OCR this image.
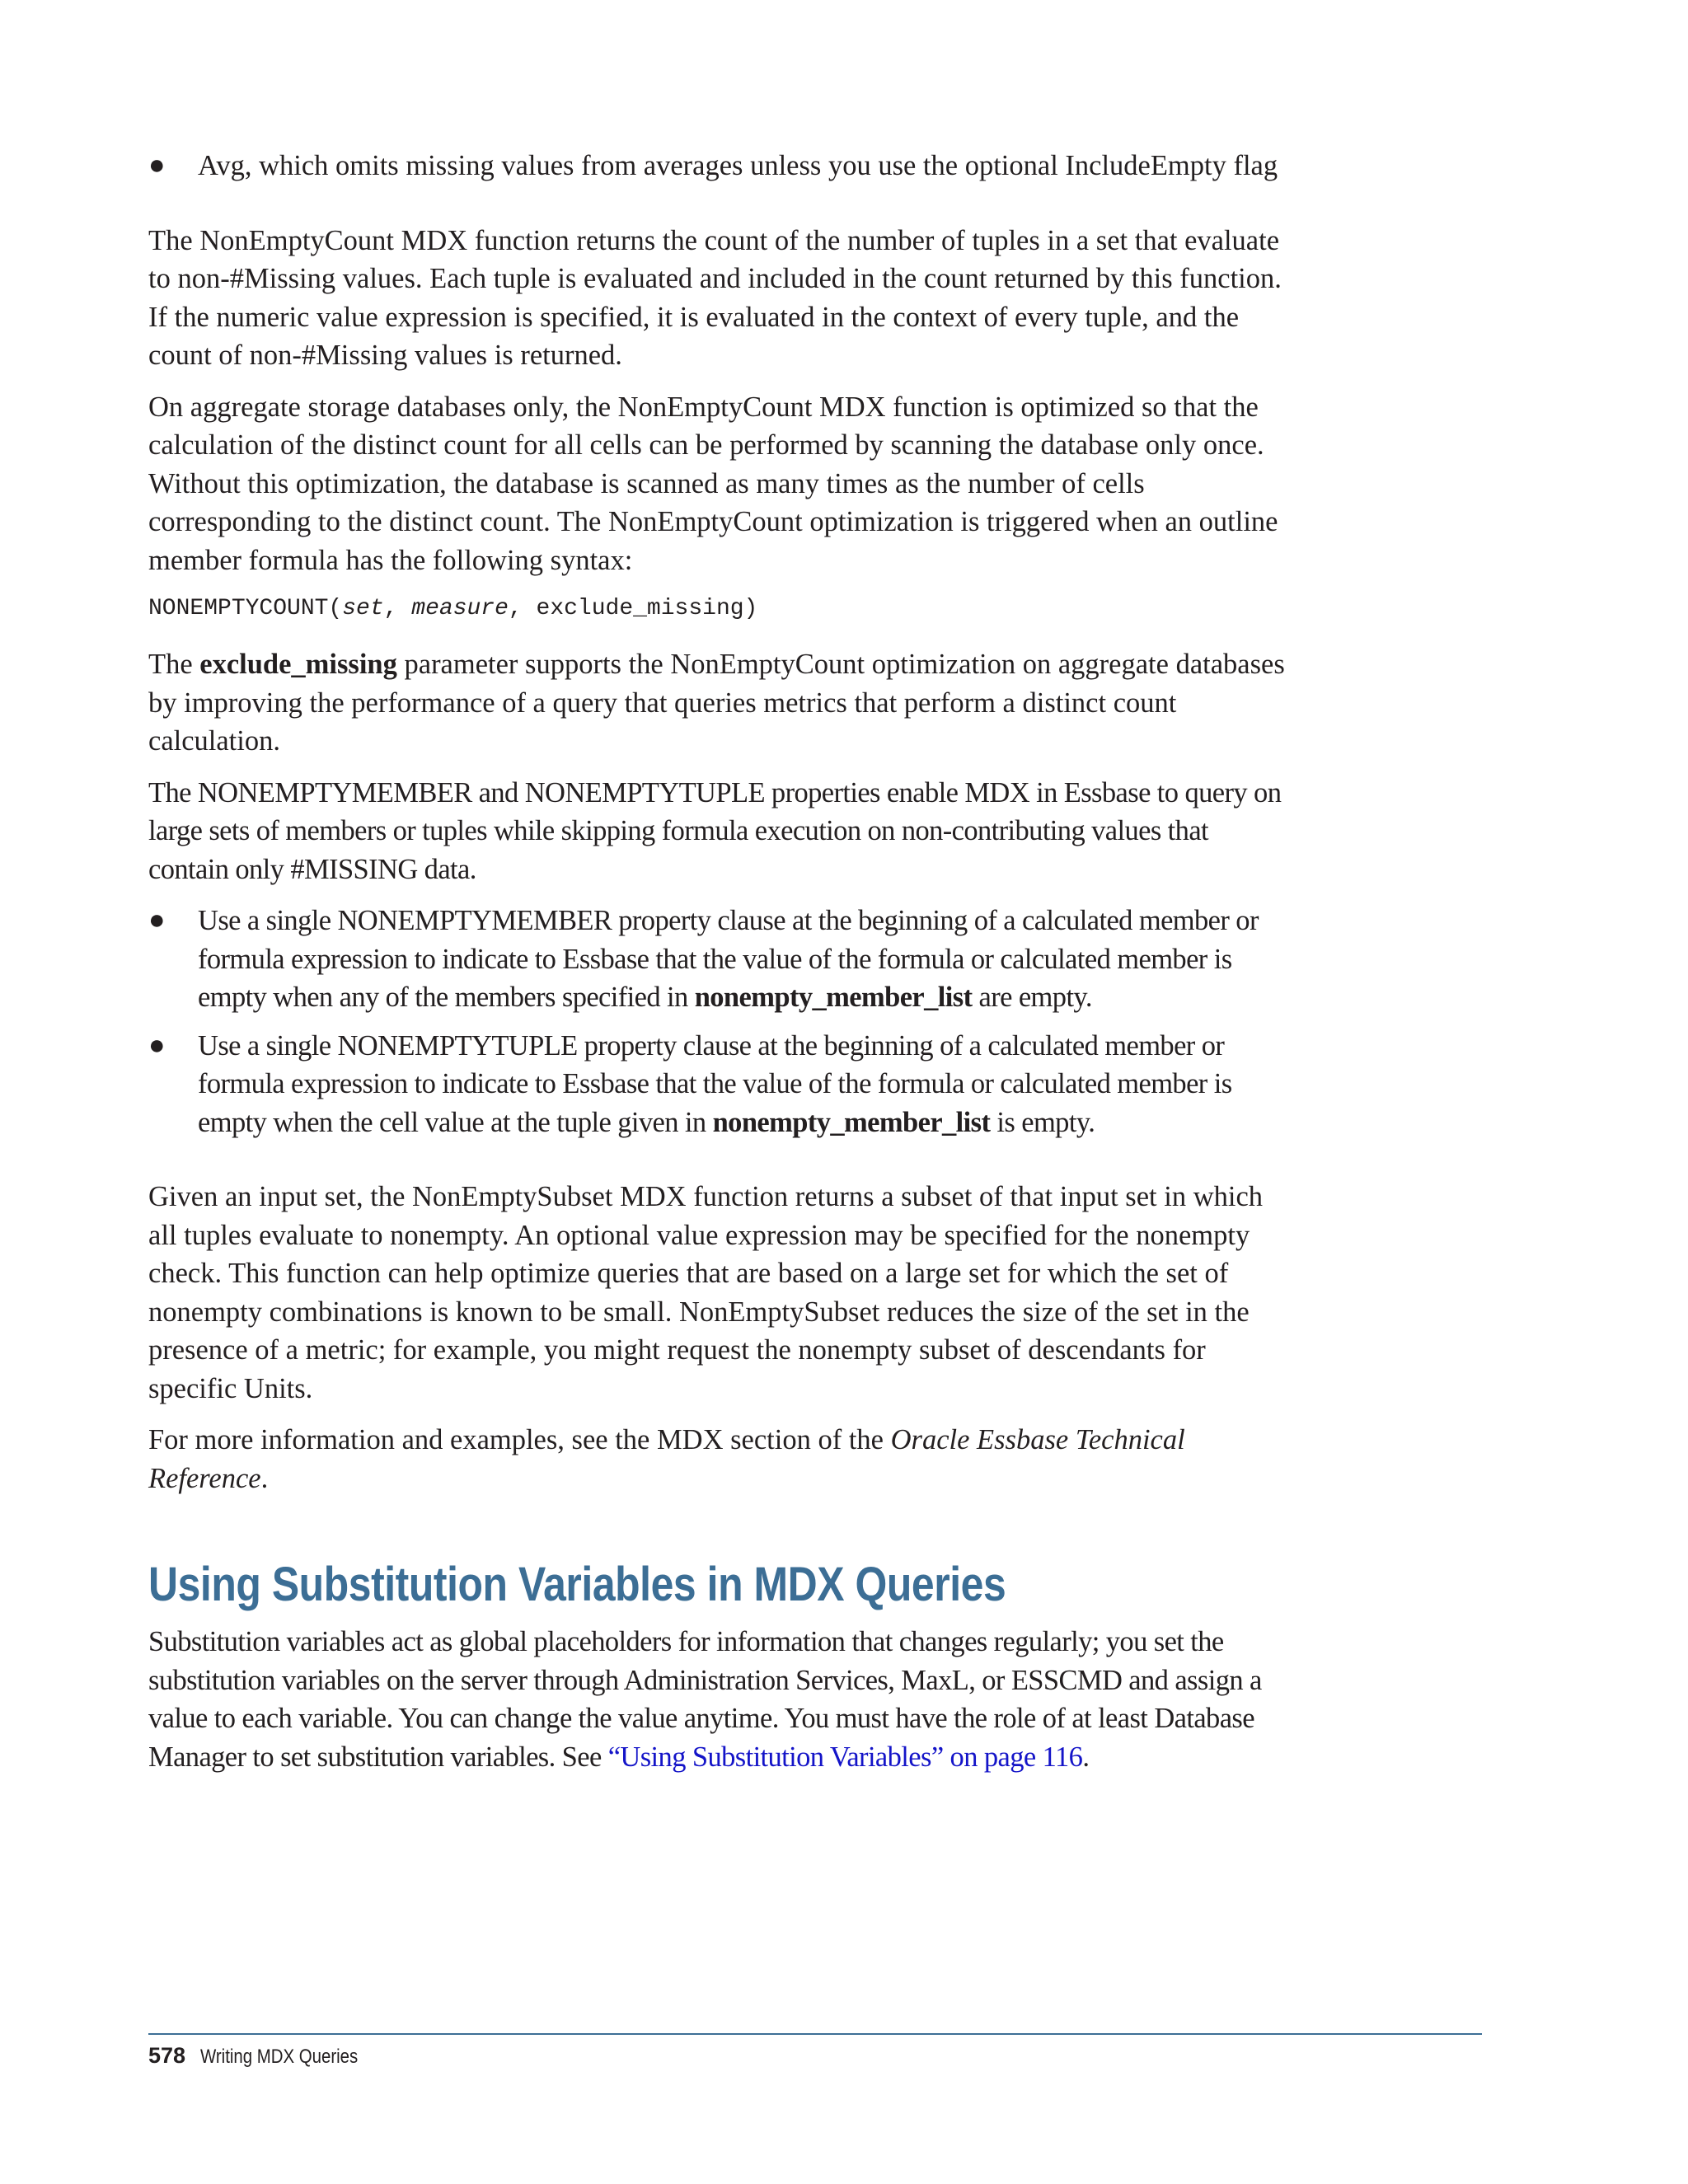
● Avg, which omits missing values from averages unless you use the optional IncludeEmpty flag

The NonEmptyCount MDX function returns the count of the number of tuples in a set that evaluate to non-#Missing values. Each tuple is evaluated and included in the count returned by this function. If the numeric value expression is specified, it is evaluated in the context of every tuple, and the count of non-#Missing values is returned.

On aggregate storage databases only, the NonEmptyCount MDX function is optimized so that the calculation of the distinct count for all cells can be performed by scanning the database only once. Without this optimization, the database is scanned as many times as the number of cells corresponding to the distinct count. The NonEmptyCount optimization is triggered when an outline member formula has the following syntax:

NONEMPTYCOUNT(set, measure, exclude_missing)

The exclude_missing parameter supports the NonEmptyCount optimization on aggregate databases by improving the performance of a query that queries metrics that perform a distinct count calculation.

The NONEMPTYMEMBER and NONEMPTYTUPLE properties enable MDX in Essbase to query on large sets of members or tuples while skipping formula execution on non-contributing values that contain only #MISSING data.

● Use a single NONEMPTYMEMBER property clause at the beginning of a calculated member or formula expression to indicate to Essbase that the value of the formula or calculated member is empty when any of the members specified in nonempty_member_list are empty.
● Use a single NONEMPTYTUPLE property clause at the beginning of a calculated member or formula expression to indicate to Essbase that the value of the formula or calculated member is empty when the cell value at the tuple given in nonempty_member_list is empty.

Given an input set, the NonEmptySubset MDX function returns a subset of that input set in which all tuples evaluate to nonempty. An optional value expression may be specified for the nonempty check. This function can help optimize queries that are based on a large set for which the set of nonempty combinations is known to be small. NonEmptySubset reduces the size of the set in the presence of a metric; for example, you might request the nonempty subset of descendants for specific Units.

For more information and examples, see the MDX section of the Oracle Essbase Technical Reference.

Using Substitution Variables in MDX Queries

Substitution variables act as global placeholders for information that changes regularly; you set the substitution variables on the server through Administration Services, MaxL, or ESSCMD and assign a value to each variable. You can change the value anytime. You must have the role of at least Database Manager to set substitution variables. See “Using Substitution Variables” on page 116.

578 Writing MDX Queries
